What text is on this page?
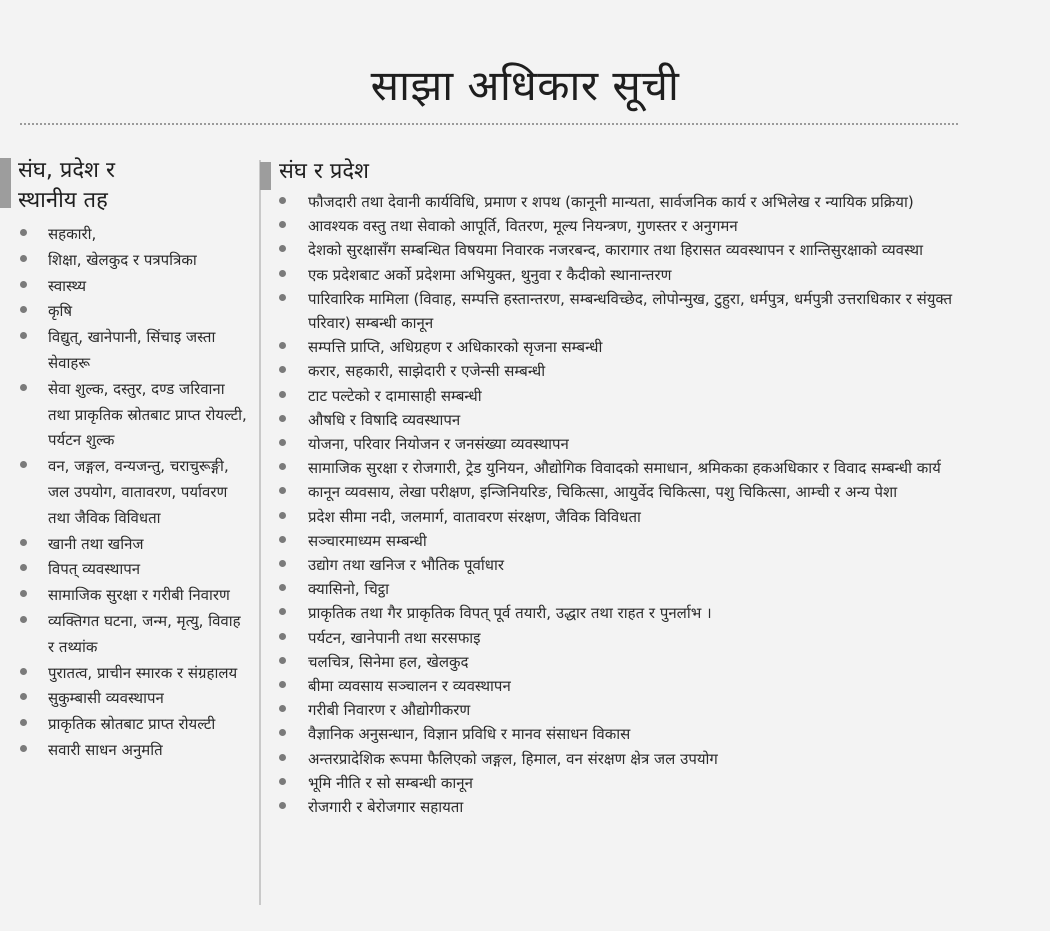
साझा अधिकार सूची
संघ, प्रदेश र
स्थानीय तह
संघ र प्रदेश
सहकारी,
शिक्षा, खेलकुद र पत्रपत्रिका
स्वास्थ्य
कृषि
विद्युत्, खानेपानी, सिंचाइ जस्ता सेवाहरू
सेवा शुल्क, दस्तुर, दण्ड जरिवाना तथा प्राकृतिक स्रोतबाट प्राप्त रोयल्टी, पर्यटन शुल्क
वन, जङ्गल, वन्यजन्तु, चराचुरूङ्गी, जल उपयोग, वातावरण, पर्यावरण तथा जैविक विविधता
खानी तथा खनिज
विपत् व्यवस्थापन
सामाजिक सुरक्षा र गरीबी निवारण
व्यक्तिगत घटना, जन्म, मृत्यु, विवाह र तथ्यांक
पुरातत्व, प्राचीन स्मारक र संग्रहालय
सुकुम्बासी व्यवस्थापन
प्राकृतिक स्रोतबाट प्राप्त रोयल्टी
सवारी साधन अनुमति
फौजदारी तथा देवानी कार्यविधि, प्रमाण र शपथ (कानूनी मान्यता, सार्वजनिक कार्य र अभिलेख र न्यायिक प्रक्रिया)
आवश्यक वस्तु तथा सेवाको आपूर्ति, वितरण, मूल्य नियन्त्रण, गुणस्तर र अनुगमन
देशको सुरक्षासँग सम्बन्धित विषयमा निवारक नजरबन्द, कारागार तथा हिरासत व्यवस्थापन र शान्तिसुरक्षाको व्यवस्था
एक प्रदेशबाट अर्को प्रदेशमा अभियुक्त, थुनुवा र कैदीको स्थानान्तरण
पारिवारिक मामिला (विवाह, सम्पत्ति हस्तान्तरण, सम्बन्धविच्छेद, लोपोन्मुख, टुहुरा, धर्मपुत्र, धर्मपुत्री उत्तराधिकार र संयुक्त परिवार) सम्बन्धी कानून
सम्पत्ति प्राप्ति, अधिग्रहण र अधिकारको सृजना सम्बन्धी
करार, सहकारी, साझेदारी र एजेन्सी सम्बन्धी
टाट पल्टेको र दामासाही सम्बन्धी
औषधि र विषादि व्यवस्थापन
योजना, परिवार नियोजन र जनसंख्या व्यवस्थापन
सामाजिक सुरक्षा र रोजगारी, ट्रेड युनियन, औद्योगिक विवादको समाधान, श्रमिकका हकअधिकार र विवाद सम्बन्धी कार्य
कानून व्यवसाय, लेखा परीक्षण, इन्जिनियरिङ, चिकित्सा, आयुर्वेद चिकित्सा, पशु चिकित्सा, आम्ची र अन्य पेशा
प्रदेश सीमा नदी, जलमार्ग, वातावरण संरक्षण, जैविक विविधता
सञ्चारमाध्यम सम्बन्धी
उद्योग तथा खनिज र भौतिक पूर्वाधार
क्यासिनो, चिट्ठा
प्राकृतिक तथा गैर प्राकृतिक विपत् पूर्व तयारी, उद्धार तथा राहत र पुनर्लाभ ।
पर्यटन, खानेपानी तथा सरसफाइ
चलचित्र, सिनेमा हल, खेलकुद
बीमा व्यवसाय सञ्चालन र व्यवस्थापन
गरीबी निवारण र औद्योगीकरण
वैज्ञानिक अनुसन्धान, विज्ञान प्रविधि र मानव संसाधन विकास
अन्तरप्रादेशिक रूपमा फैलिएको जङ्गल, हिमाल, वन संरक्षण क्षेत्र जल उपयोग
भूमि नीति र सो सम्बन्धी कानून
रोजगारी र बेरोजगार सहायता
